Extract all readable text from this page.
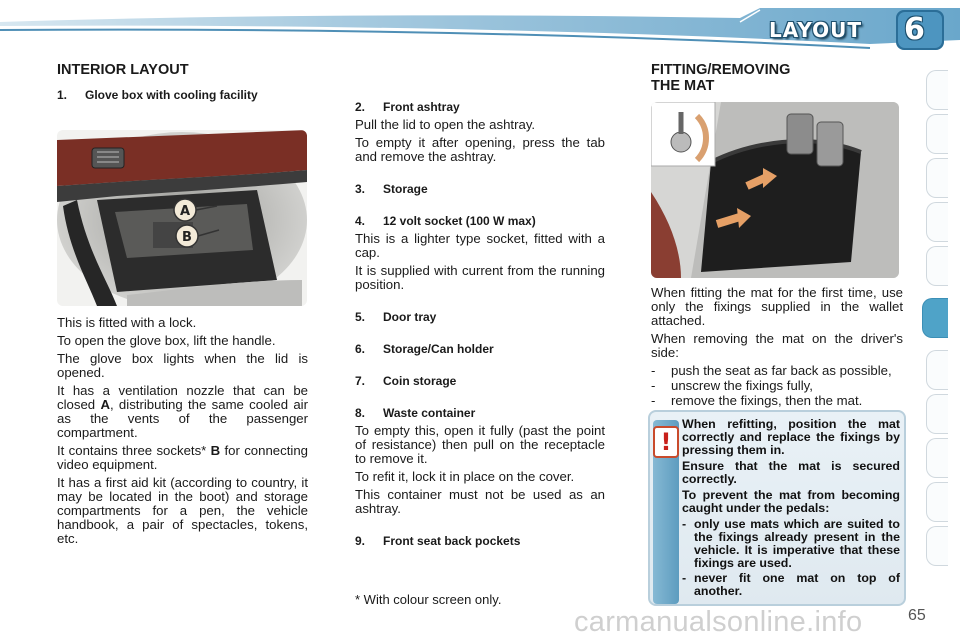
LAYOUT 6
INTERIOR LAYOUT
1. Glove box with cooling facility
A
B

This is fitted with a lock.

To open the glove box, lift the handle.

The glove box lights when the lid is opened.

It has a ventilation nozzle that can be closed A, distributing the same cooled air as the vents of the passenger compartment.

It contains three sockets* B for connecting video equipment.

It has a first aid kit (according to country, it may be located in the boot) and storage compartments for a pen, the vehicle handbook, a pair of spectacles, tokens, etc.

2. Front ashtray

Pull the lid to open the ashtray.

To empty it after opening, press the tab and remove the ashtray.

3. Storage
4. 12 volt socket (100 W max)

This is a lighter type socket, fitted with a cap.

It is supplied with current from the running position.

5. Door tray
6. Storage/Can holder
7. Coin storage
8. Waste container

To empty this, open it fully (past the point of resistance) then pull on the receptacle to remove it.

To refit it, lock it in place on the cover.

This container must not be used as an ashtray.

9. Front seat back pockets
* With colour screen only.
FITTING/REMOVING
THE MAT

When fitting the mat for the first time, use only the fixings supplied in the wallet attached.

When removing the mat on the driver's side:

- push the seat as far back as possible,
- unscrew the fixings fully,
- remove the fixings, then the mat.
!

When refitting, position the mat correctly and replace the fixings by pressing them in.

Ensure that the mat is secured correctly.

To prevent the mat from becoming caught under the pedals:

- only use mats which are suited to the fixings already present in the vehicle. It is imperative that these fixings are used.
- never fit one mat on top of another.
carmanualsonline.info	65
